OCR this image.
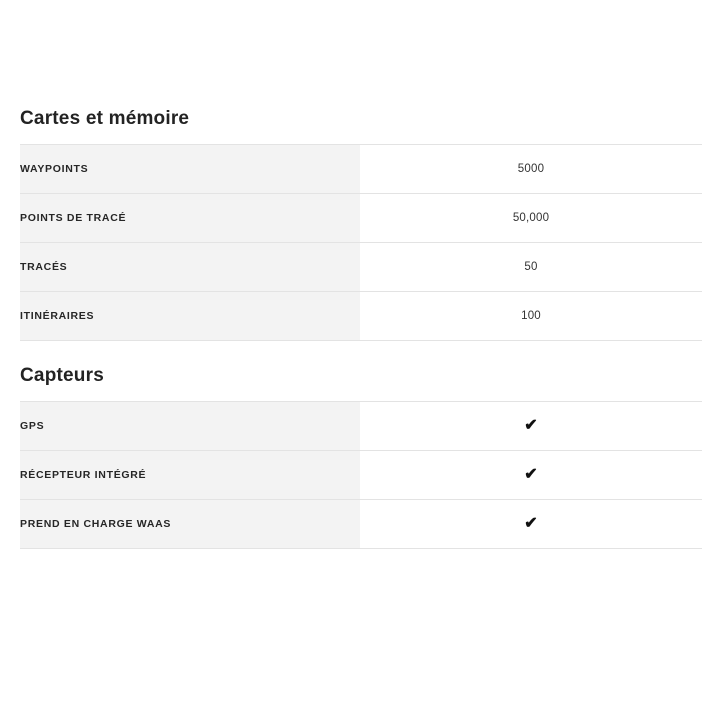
Cartes et mémoire
WAYPOINTS	5000
POINTS DE TRACÉ	50,000
TRACÉS	50
ITINÉRAIRES	100
Capteurs
GPS	✔
RÉCEPTEUR INTÉGRÉ	✔
PREND EN CHARGE WAAS	✔
